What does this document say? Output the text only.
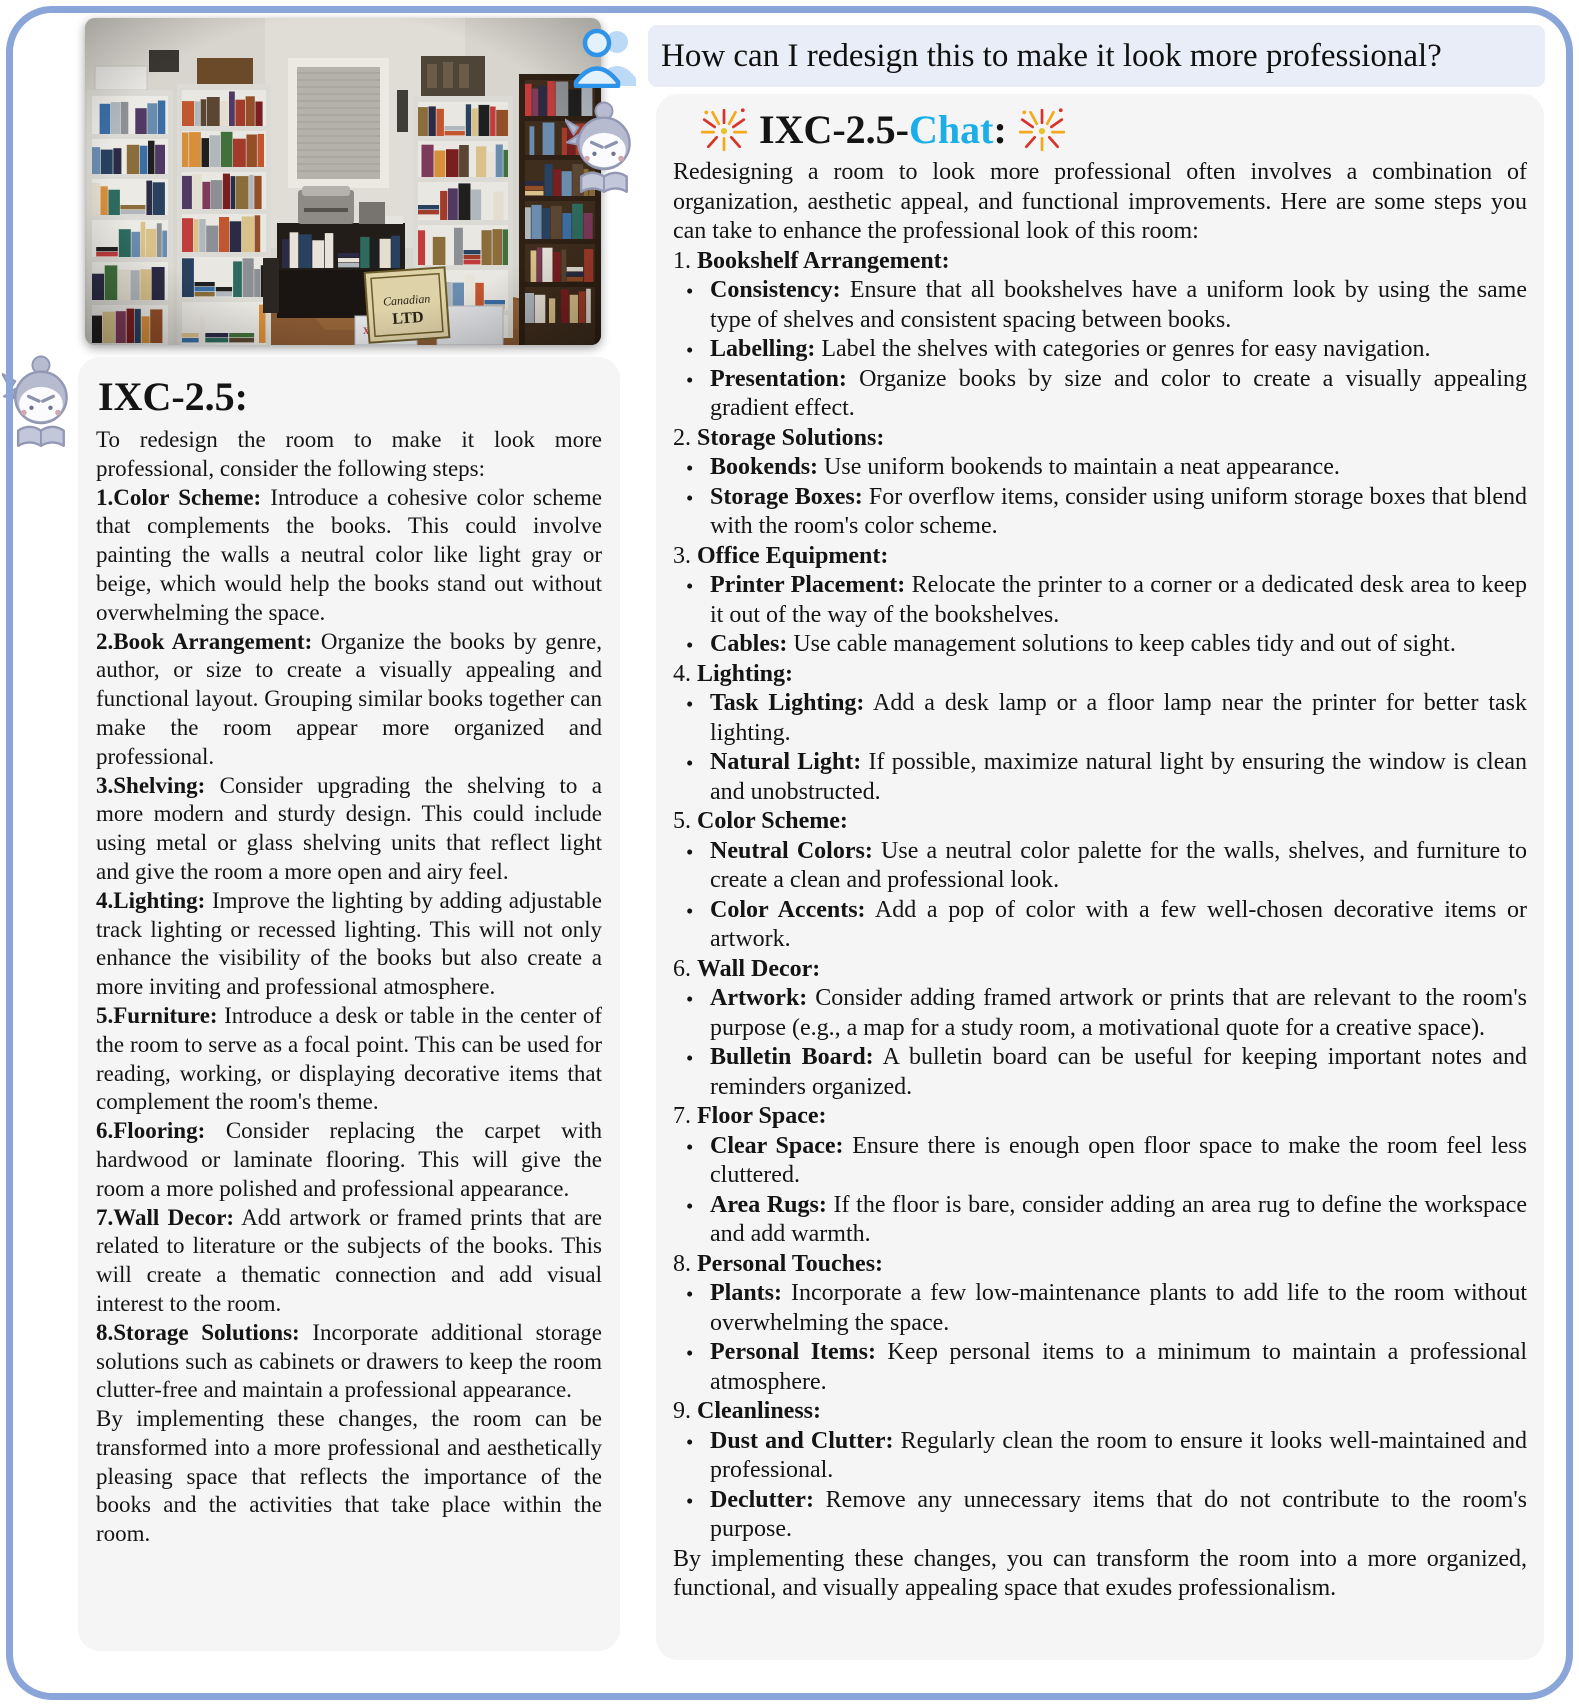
How can I redesign this to make it look more professional?
IXC-2.5-Chat:
Redesigning a room to look more professional often involves a combination of organization, aesthetic appeal, and functional improvements. Here are some steps you can take to enhance the professional look of this room:
1. Bookshelf Arrangement:
• Consistency: Ensure that all bookshelves have a uniform look by using the same type of shelves and consistent spacing between books.
• Labelling: Label the shelves with categories or genres for easy navigation.
• Presentation: Organize books by size and color to create a visually appealing gradient effect.
2. Storage Solutions:
• Bookends: Use uniform bookends to maintain a neat appearance.
• Storage Boxes: For overflow items, consider using uniform storage boxes that blend with the room's color scheme.
3. Office Equipment:
• Printer Placement: Relocate the printer to a corner or a dedicated desk area to keep it out of the way of the bookshelves.
• Cables: Use cable management solutions to keep cables tidy and out of sight.
4. Lighting:
• Task Lighting: Add a desk lamp or a floor lamp near the printer for better task lighting.
• Natural Light: If possible, maximize natural light by ensuring the window is clean and unobstructed.
5. Color Scheme:
• Neutral Colors: Use a neutral color palette for the walls, shelves, and furniture to create a clean and professional look.
• Color Accents: Add a pop of color with a few well-chosen decorative items or artwork.
6. Wall Decor:
• Artwork: Consider adding framed artwork or prints that are relevant to the room's purpose (e.g., a map for a study room, a motivational quote for a creative space).
• Bulletin Board: A bulletin board can be useful for keeping important notes and reminders organized.
7. Floor Space:
• Clear Space: Ensure there is enough open floor space to make the room feel less cluttered.
• Area Rugs: If the floor is bare, consider adding an area rug to define the workspace and add warmth.
8. Personal Touches:
• Plants: Incorporate a few low-maintenance plants to add life to the room without overwhelming the space.
• Personal Items: Keep personal items to a minimum to maintain a professional atmosphere.
9. Cleanliness:
• Dust and Clutter: Regularly clean the room to ensure it looks well-maintained and professional.
• Declutter: Remove any unnecessary items that do not contribute to the room's purpose.
By implementing these changes, you can transform the room into a more organized, functional, and visually appealing space that exudes professionalism.
IXC-2.5:
To redesign the room to make it look more professional, consider the following steps:
1.Color Scheme: Introduce a cohesive color scheme that complements the books. This could involve painting the walls a neutral color like light gray or beige, which would help the books stand out without overwhelming the space.
2.Book Arrangement: Organize the books by genre, author, or size to create a visually appealing and functional layout. Grouping similar books together can make the room appear more organized and professional.
3.Shelving: Consider upgrading the shelving to a more modern and sturdy design. This could include using metal or glass shelving units that reflect light and give the room a more open and airy feel.
4.Lighting: Improve the lighting by adding adjustable track lighting or recessed lighting. This will not only enhance the visibility of the books but also create a more inviting and professional atmosphere.
5.Furniture: Introduce a desk or table in the center of the room to serve as a focal point. This can be used for reading, working, or displaying decorative items that complement the room's theme.
6.Flooring: Consider replacing the carpet with hardwood or laminate flooring. This will give the room a more polished and professional appearance.
7.Wall Decor: Add artwork or framed prints that are related to literature or the subjects of the books. This will create a thematic connection and add visual interest to the room.
8.Storage Solutions: Incorporate additional storage solutions such as cabinets or drawers to keep the room clutter-free and maintain a professional appearance.
By implementing these changes, the room can be transformed into a more professional and aesthetically pleasing space that reflects the importance of the books and the activities that take place within the room.
